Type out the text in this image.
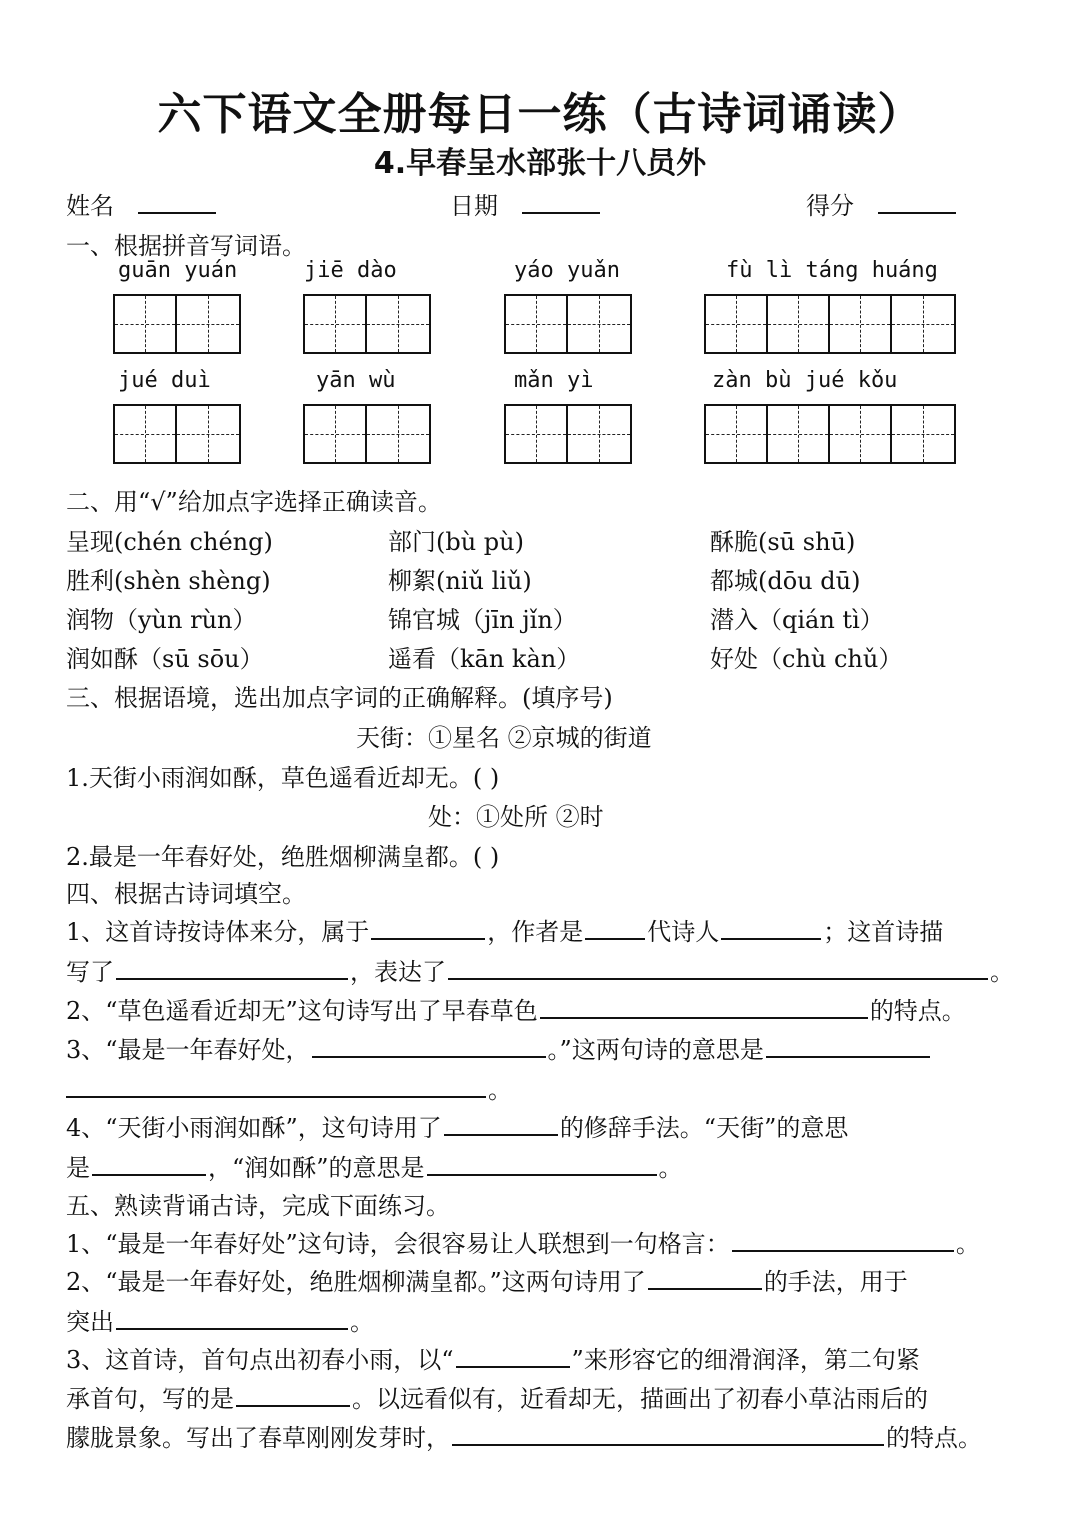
六下语文全册每日一练（古诗词诵读）
4.早春呈水部张十八员外
姓名	日期	得分
一、根据拼音写词语。
guān yuán	jiē dào	yáo yuǎn	fù lì táng huáng
jué duì	yān wù	mǎn yì	zàn bù jué kǒu
二、用“√”给加点字选择正确读音。
呈现(chén chéng)	部门(bù pù)	酥脆(sū shū)
胜利(shèn shèng)	柳絮(niǔ liǔ)	都城(dōu dū)
润物（yùn rùn）	锦官城（jīn jǐn）	潜入（qián tì）
润如酥（sū sōu）	遥看（kān kàn）	好处（chù chǔ）
三、根据语境，选出加点字词的正确解释。(填序号)
天街：①星名 ②京城的街道
1.天街小雨润如酥，草色遥看近却无。( )
处：①处所 ②时
2.最是一年春好处，绝胜烟柳满皇都。( )
四、根据古诗词填空。
1、这首诗按诗体来分，属于	，作者是	代诗人	；这首诗描
写了	，表达了	。
2、“草色遥看近却无”这句诗写出了早春草色	的特点。
3、“最是一年春好处，	。”这两句诗的意思是
。
4、“天街小雨润如酥”，这句诗用了	的修辞手法。“天街”的意思
是	，“润如酥”的意思是	。
五、熟读背诵古诗，完成下面练习。
1、“最是一年春好处”这句诗，会很容易让人联想到一句格言：	。
2、“最是一年春好处，绝胜烟柳满皇都。”这两句诗用了	的手法，用于
突出	。
3、这首诗，首句点出初春小雨，以“	”来形容它的细滑润泽，第二句紧
承首句，写的是	。以远看似有，近看却无，描画出了初春小草沾雨后的
朦胧景象。写出了春草刚刚发芽时，	的特点。
